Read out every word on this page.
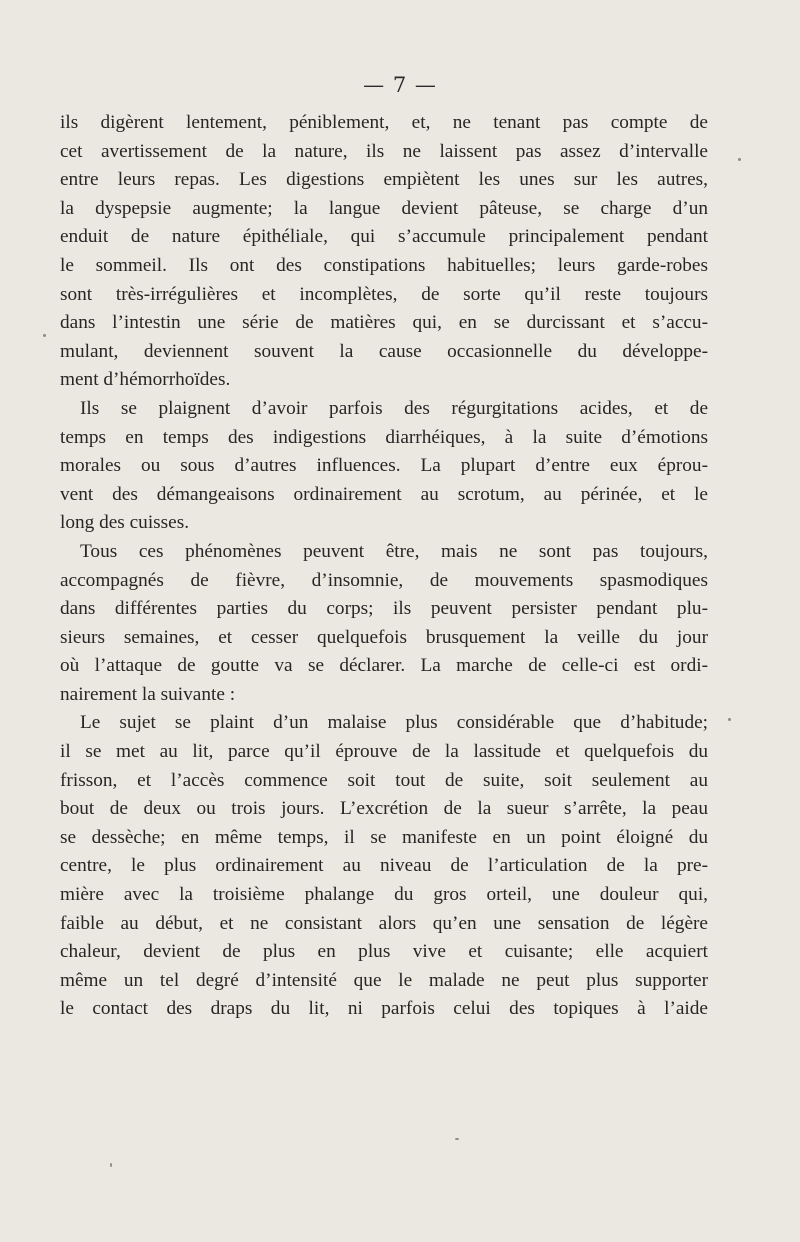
— 7 —
ils digèrent lentement, péniblement, et, ne tenant pas compte de
cet avertissement de la nature, ils ne laissent pas assez d’intervalle
entre leurs repas. Les digestions empiètent les unes sur les autres,
la dyspepsie augmente; la langue devient pâteuse, se charge d’un
enduit de nature épithéliale, qui s’accumule principalement pendant
le sommeil. Ils ont des constipations habituelles; leurs garde-robes
sont très-irrégulières et incomplètes, de sorte qu’il reste toujours
dans l’intestin une série de matières qui, en se durcissant et s’accu-
mulant, deviennent souvent la cause occasionnelle du développe-
ment d’hémorrhoïdes.
Ils se plaignent d’avoir parfois des régurgitations acides, et de
temps en temps des indigestions diarrhéiques, à la suite d’émotions
morales ou sous d’autres influences. La plupart d’entre eux éprou-
vent des démangeaisons ordinairement au scrotum, au périnée, et le
long des cuisses.
Tous ces phénomènes peuvent être, mais ne sont pas toujours,
accompagnés de fièvre, d’insomnie, de mouvements spasmodiques
dans différentes parties du corps; ils peuvent persister pendant plu-
sieurs semaines, et cesser quelquefois brusquement la veille du jour
où l’attaque de goutte va se déclarer. La marche de celle-ci est ordi-
nairement la suivante :
Le sujet se plaint d’un malaise plus considérable que d’habitude;
il se met au lit, parce qu’il éprouve de la lassitude et quelquefois du
frisson, et l’accès commence soit tout de suite, soit seulement au
bout de deux ou trois jours. L’excrétion de la sueur s’arrête, la peau
se dessèche; en même temps, il se manifeste en un point éloigné du
centre, le plus ordinairement au niveau de l’articulation de la pre-
mière avec la troisième phalange du gros orteil, une douleur qui,
faible au début, et ne consistant alors qu’en une sensation de légère
chaleur, devient de plus en plus vive et cuisante; elle acquiert
même un tel degré d’intensité que le malade ne peut plus supporter
le contact des draps du lit, ni parfois celui des topiques à l’aide
